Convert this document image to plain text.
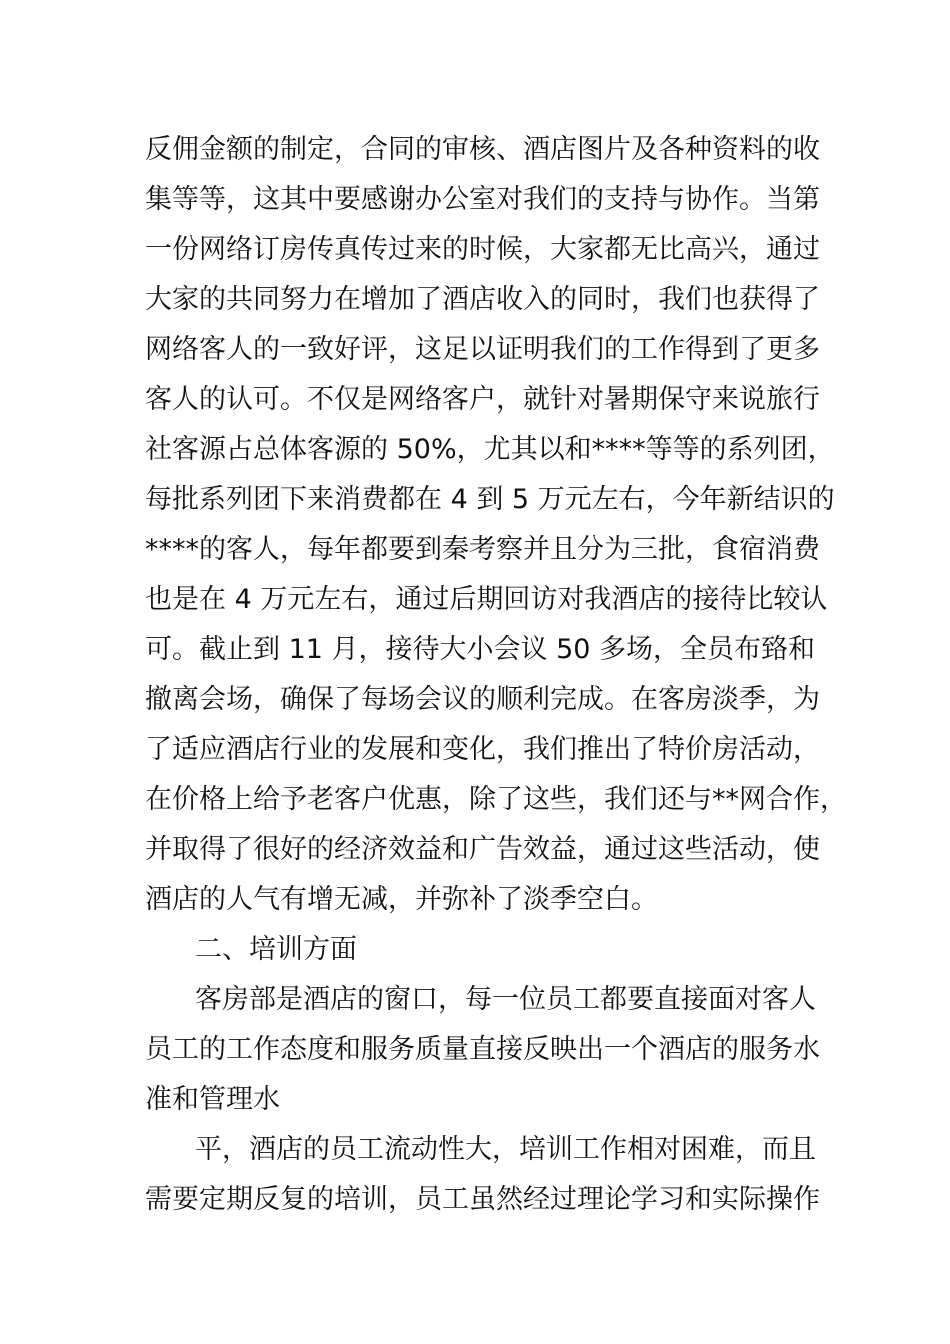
反佣金额的制定，合同的审核、酒店图片及各种资料的收
集等等，这其中要感谢办公室对我们的支持与协作。当第
一份网络订房传真传过来的时候，大家都无比高兴，通过
大家的共同努力在增加了酒店收入的同时，我们也获得了
网络客人的一致好评，这足以证明我们的工作得到了更多
客人的认可。不仅是网络客户，就针对暑期保守来说旅行
社客源占总体客源的 50%，尤其以和****等等的系列团，
每批系列团下来消费都在 4 到 5 万元左右，今年新结识的
****的客人，每年都要到秦考察并且分为三批，食宿消费
也是在 4 万元左右，通过后期回访对我酒店的接待比较认
可。截止到 11 月，接待大小会议 50 多场，全员布臵和
撤离会场，确保了每场会议的顺利完成。在客房淡季，为
了适应酒店行业的发展和变化，我们推出了特价房活动，
在价格上给予老客户优惠，除了这些，我们还与**网合作，
并取得了很好的经济效益和广告效益，通过这些活动，使
酒店的人气有增无减，并弥补了淡季空白。
二、培训方面
客房部是酒店的窗口，每一位员工都要直接面对客人
员工的工作态度和服务质量直接反映出一个酒店的服务水
准和管理水
平，酒店的员工流动性大，培训工作相对困难，而且
需要定期反复的培训，员工虽然经过理论学习和实际操作
